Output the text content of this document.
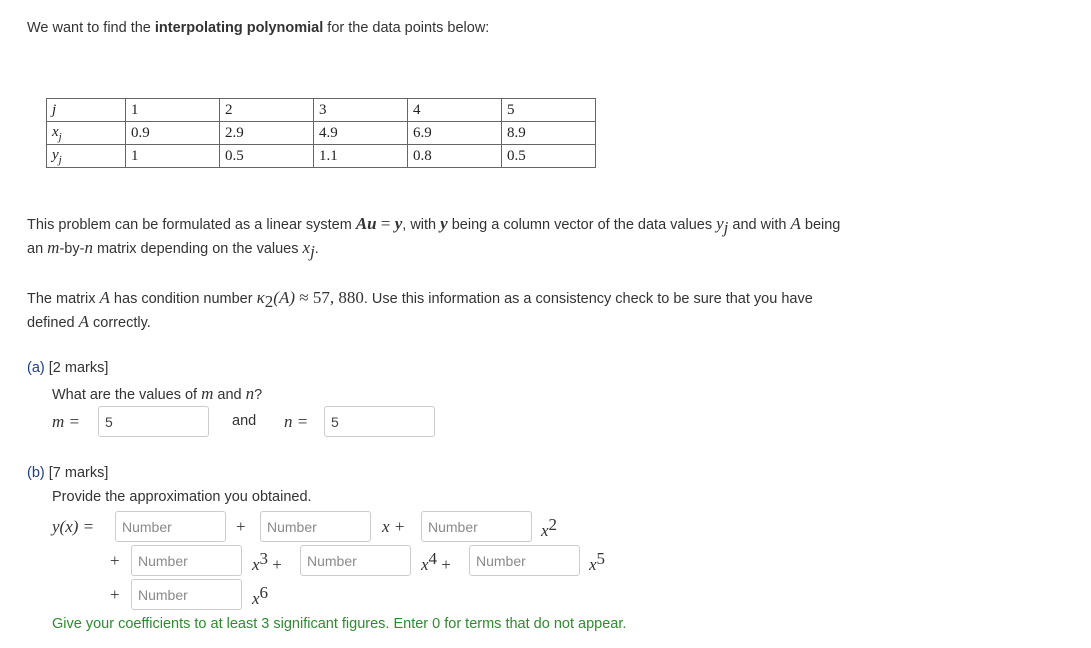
We want to find the interpolating polynomial for the data points below:
j	1	2	3	4	5
$x_j$	0.9	2.9	4.9	6.9	8.9
$y_j$	1	0.5	1.1	0.8	0.5
This problem can be formulated as a linear system Au = y, with y being a column vector of the data values $y_j$ and with A being
an m-by-n matrix depending on the values $x_j$.
The matrix A has condition number $\kappa_2(A) \approx 57$, 880. Use this information as a consistency check to be sure that you have
defined A correctly.
(a) [2 marks]
What are the values of m and n?
m =
5	and n =
5
(b) [7 marks]
Provide the approximation you obtained.
y(x) =
Number	+
Number	x +
Number	$x^2$
+
Number	$x^3$ +
Number	$x^4$ +
Number	$x^5$
+
Number	$x^6$
Give your coefficients to at least 3 significant figures. Enter 0 for terms that do not appear.
